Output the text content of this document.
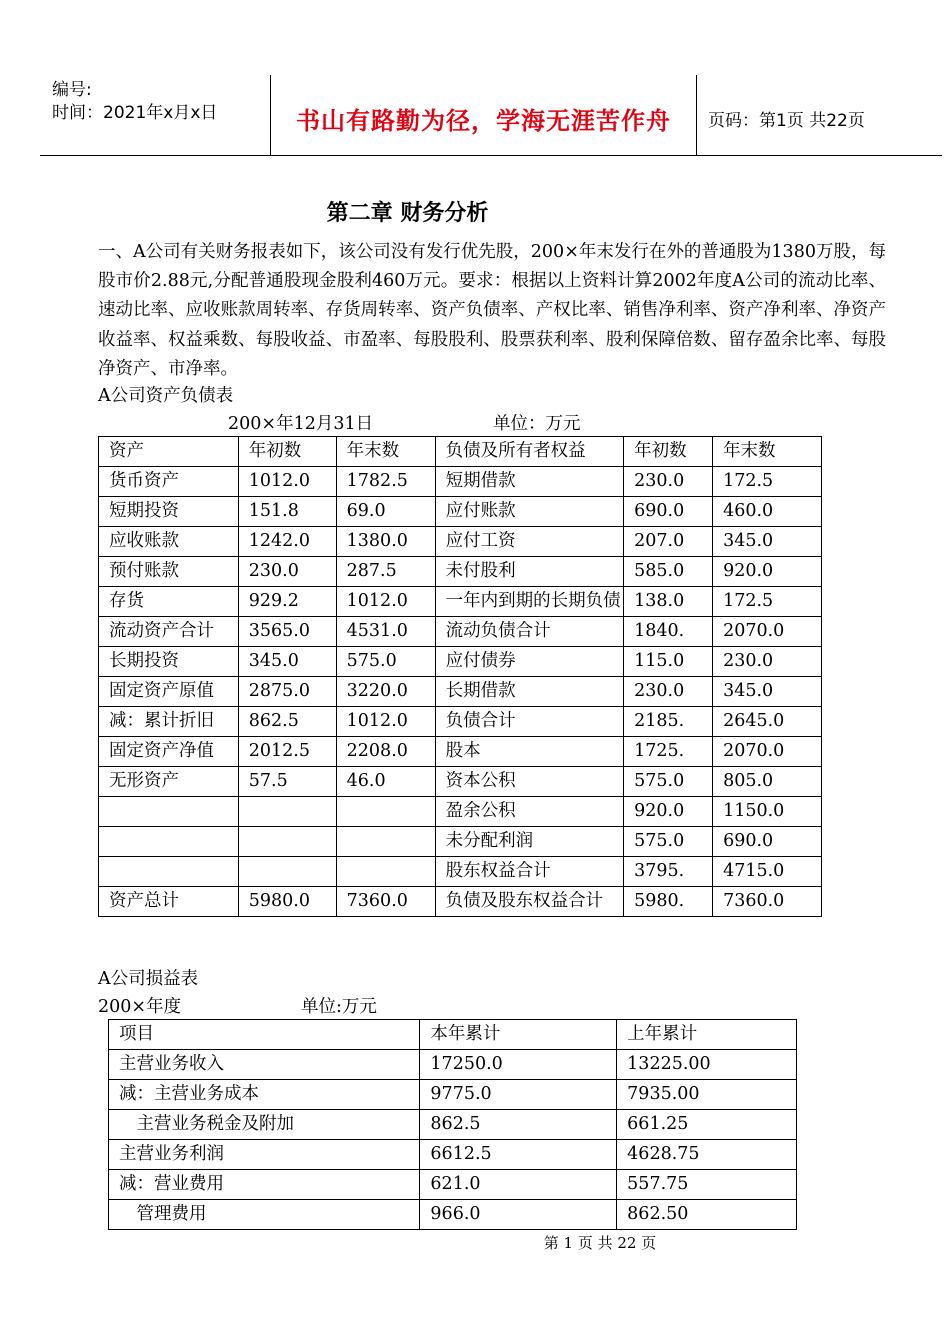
编号:
时间：2021年x月x日	书山有路勤为径，学海无涯苦作舟	页码：第1页 共22页
第二章 财务分析
一、A公司有关财务报表如下，该公司没有发行优先股，200×年末发行在外的普通股为1380万股，每股市价2.88元,分配普通股现金股利460万元。要求：根据以上资料计算2002年度A公司的流动比率、速动比率、应收账款周转率、存货周转率、资产负债率、产权比率、销售净利率、资产净利率、净资产收益率、权益乘数、每股收益、市盈率、每股股利、股票获利率、股利保障倍数、留存盈余比率、每股净资产、市净率。
A公司资产负债表
200×年12月31日	单位：万元
资产	年初数	年末数	负债及所有者权益	年初数	年末数
货币资产	1012.0	1782.5	短期借款	230.0	172.5
短期投资	151.8	69.0	应付账款	690.0	460.0
应收账款	1242.0	1380.0	应付工资	207.0	345.0
预付账款	230.0	287.5	未付股利	585.0	920.0
存货	929.2	1012.0	一年内到期的长期负债	138.0	172.5
流动资产合计	3565.0	4531.0	流动负债合计	1840.	2070.0
长期投资	345.0	575.0	应付债券	115.0	230.0
固定资产原值	2875.0	3220.0	长期借款	230.0	345.0
减：累计折旧	862.5	1012.0	负债合计	2185.	2645.0
固定资产净值	2012.5	2208.0	股本	1725.	2070.0
无形资产	57.5	46.0	资本公积	575.0	805.0
			盈余公积	920.0	1150.0
			未分配利润	575.0	690.0
			股东权益合计	3795.	4715.0
资产总计	5980.0	7360.0	负债及股东权益合计	5980.	7360.0
A公司损益表
200×年度	单位:万元
项目	本年累计	上年累计
主营业务收入	17250.0	13225.00
减：主营业务成本	9775.0	7935.00
　主营业务税金及附加	862.5	661.25
主营业务利润	6612.5	4628.75
减：营业费用	621.0	557.75
　管理费用	966.0	862.50
第 1 页 共 22 页
